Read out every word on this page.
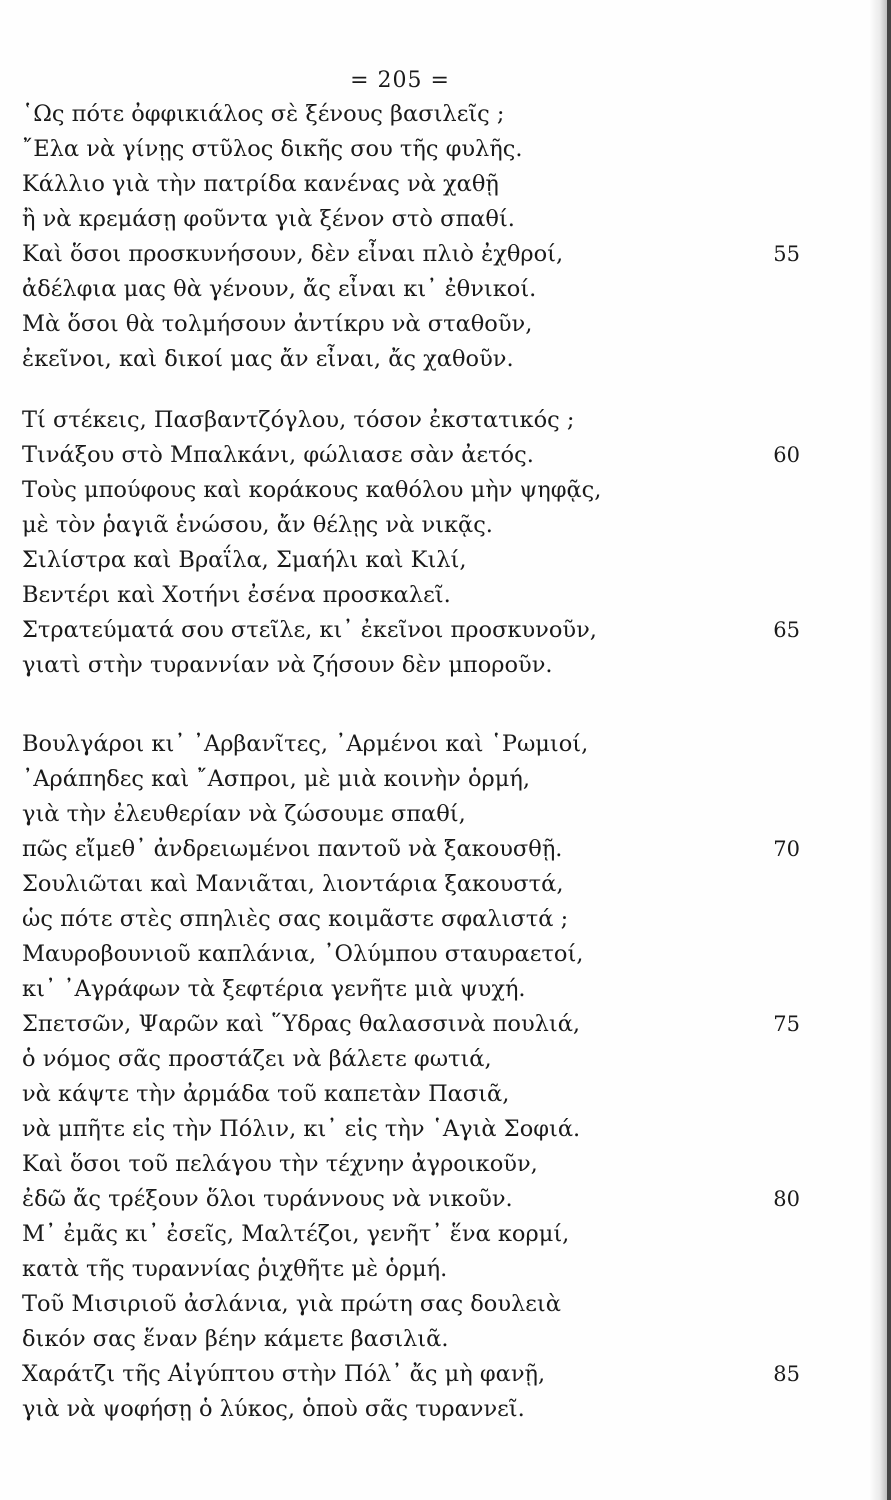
= 205 =
῾Ως πότε ὀφφικιάλος σὲ ξένους βασιλεῖς ;
῎Ελα νὰ γίνῃς στῦλος δικῆς σου τῆς φυλῆς.
Κάλλιο γιὰ τὴν πατρίδα κανένας νὰ χαθῇ
ἢ νὰ κρεμάσῃ φοῦντα γιὰ ξένον στὸ σπαθί.
Καὶ ὅσοι προσκυνήσουν, δὲν εἶναι πλιὸ ἐχθροί,	55
ἀδέλφια μας θὰ γένουν, ἄς εἶναι κι᾽ ἐθνικοί.
Μὰ ὅσοι θὰ τολμήσουν ἀντίκρυ νὰ σταθοῦν,
ἐκεῖνοι, καὶ δικοί μας ἄν εἶναι, ἄς χαθοῦν.
Τί στέκεις, Πασβαντζόγλου, τόσον ἐκστατικός ;
Τινάξου στὸ Μπαλκάνι, φώλιασε σὰν ἀετός.	60
Τοὺς μπούφους καὶ κοράκους καθόλου μὴν ψηφᾷς,
μὲ τὸν ῥαγιᾶ ἑνώσου, ἄν θέλῃς νὰ νικᾷς.
Σιλίστρα καὶ Βραΐλα, Σμαήλι καὶ Κιλί,
Βεντέρι καὶ Χοτήνι ἐσένα προσκαλεῖ.
Στρατεύματά σου στεῖλε, κι᾽ ἐκεῖνοι προσκυνοῦν,	65
γιατὶ στὴν τυραννίαν νὰ ζήσουν δὲν μποροῦν.
Βουλγάροι κι᾽ ᾿Αρβανῖτες, ᾿Αρμένοι καὶ ῾Ρωμιοί,
᾿Αράπηδες καὶ ῎Ασπροι, μὲ μιὰ κοινὴν ὁρμή,
γιὰ τὴν ἐλευθερίαν νὰ ζώσουμε σπαθί,
πῶς εἴμεθ᾽ ἀνδρειωμένοι παντοῦ νὰ ξακουσθῇ.	70
Σουλιῶται καὶ Μανιᾶται, λιοντάρια ξακουστά,
ὡς πότε στὲς σπηλιὲς σας κοιμᾶστε σφαλιστά ;
Μαυροβουνιοῦ καπλάνια, ᾿Ολύμπου σταυραετοί,
κι᾽ ᾿Αγράφων τὰ ξεφτέρια γενῆτε μιὰ ψυχή.
Σπετσῶν, Ψαρῶν καὶ ῞Υδρας θαλασσινὰ πουλιά,	75
ὁ νόμος σᾶς προστάζει νὰ βάλετε φωτιά,
νὰ κάψτε τὴν ἀρμάδα τοῦ καπετὰν Πασιᾶ,
νὰ μπῆτε εἰς τὴν Πόλιν, κι᾽ εἰς τὴν ῾Αγιὰ Σοφιά.
Καὶ ὅσοι τοῦ πελάγου τὴν τέχνην ἀγροικοῦν,
ἐδῶ ἄς τρέξουν ὅλοι τυράννους νὰ νικοῦν.	80
Μ᾽ ἐμᾶς κι᾽ ἐσεῖς, Μαλτέζοι, γενῆτ᾽ ἕνα κορμί,
κατὰ τῆς τυραννίας ῥιχθῆτε μὲ ὁρμή.
Τοῦ Μισιριοῦ ἀσλάνια, γιὰ πρώτη σας δουλειὰ
δικόν σας ἕναν βέην κάμετε βασιλιᾶ.
Χαράτζι τῆς Αἰγύπτου στὴν Πόλ᾽ ἄς μὴ φανῇ,	85
γιὰ νὰ ψοφήσῃ ὁ λύκος, ὁποὺ σᾶς τυραννεῖ.
